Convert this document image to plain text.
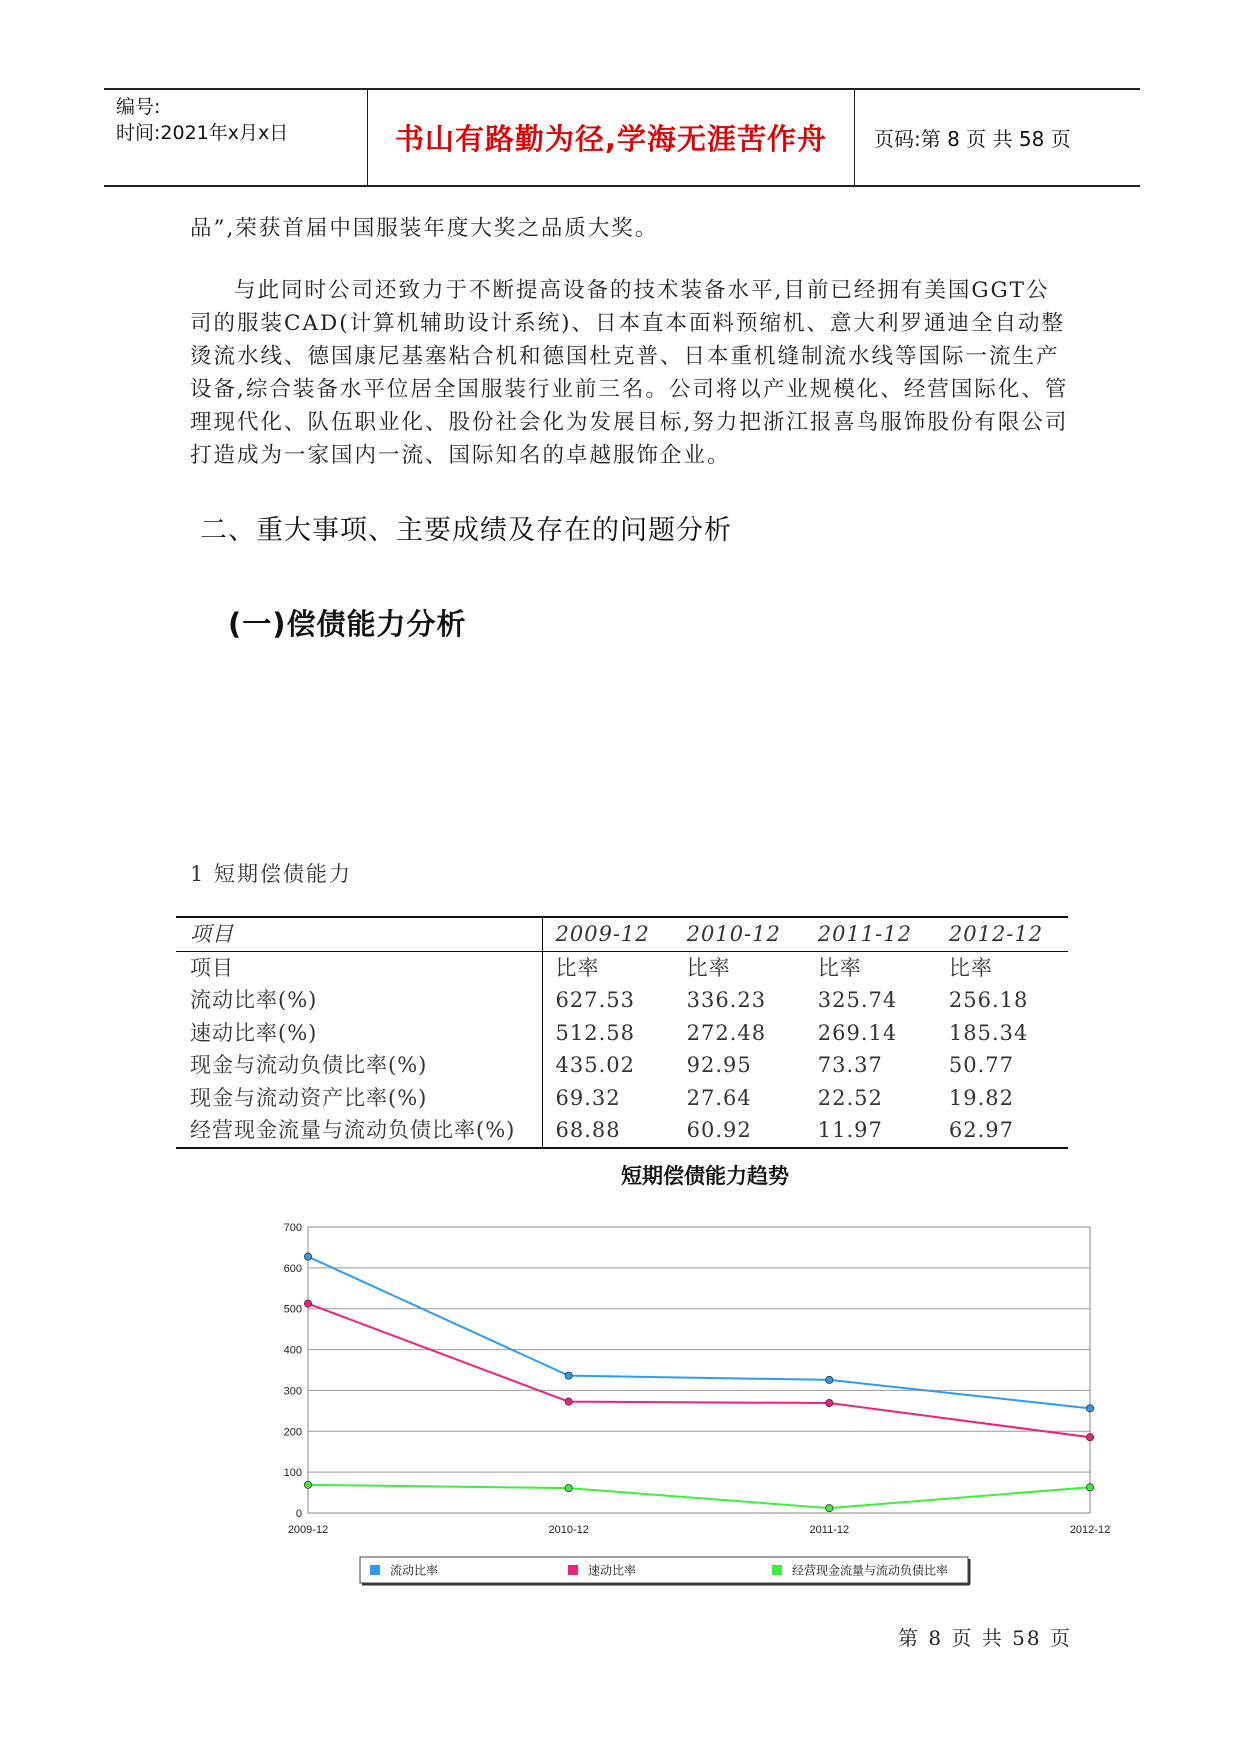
编号:
时间:2021年x月x日	书山有路勤为径,学海无涯苦作舟	页码:第 8 页 共 58 页
品”,荣获首届中国服装年度大奖之品质大奖。
与此同时公司还致力于不断提高设备的技术装备水平,目前已经拥有美国GGT公司的服装CAD(计算机辅助设计系统)、日本直本面料预缩机、意大利罗通迪全自动整烫流水线、德国康尼基塞粘合机和德国杜克普、日本重机缝制流水线等国际一流生产设备,综合装备水平位居全国服装行业前三名。公司将以产业规模化、经营国际化、管理现代化、队伍职业化、股份社会化为发展目标,努力把浙江报喜鸟服饰股份有限公司打造成为一家国内一流、国际知名的卓越服饰企业。
二、重大事项、主要成绩及存在的问题分析
(一)偿债能力分析
1 短期偿债能力
项目	2009-12	2010-12	2011-12	2012-12
项目	比率	比率	比率	比率
流动比率(%)	627.53	336.23	325.74	256.18
速动比率(%)	512.58	272.48	269.14	185.34
现金与流动负债比率(%)	435.02	92.95	73.37	50.77
现金与流动资产比率(%)	69.32	27.64	22.52	19.82
经营现金流量与流动负债比率(%)	68.88	60.92	11.97	62.97
短期偿债能力趋势
0
100
200
300
400
500
600
700
2009-12	2010-12	2011-12	2012-12
流动比率	速动比率	经营现金流量与流动负债比率
第 8 页 共 58 页
